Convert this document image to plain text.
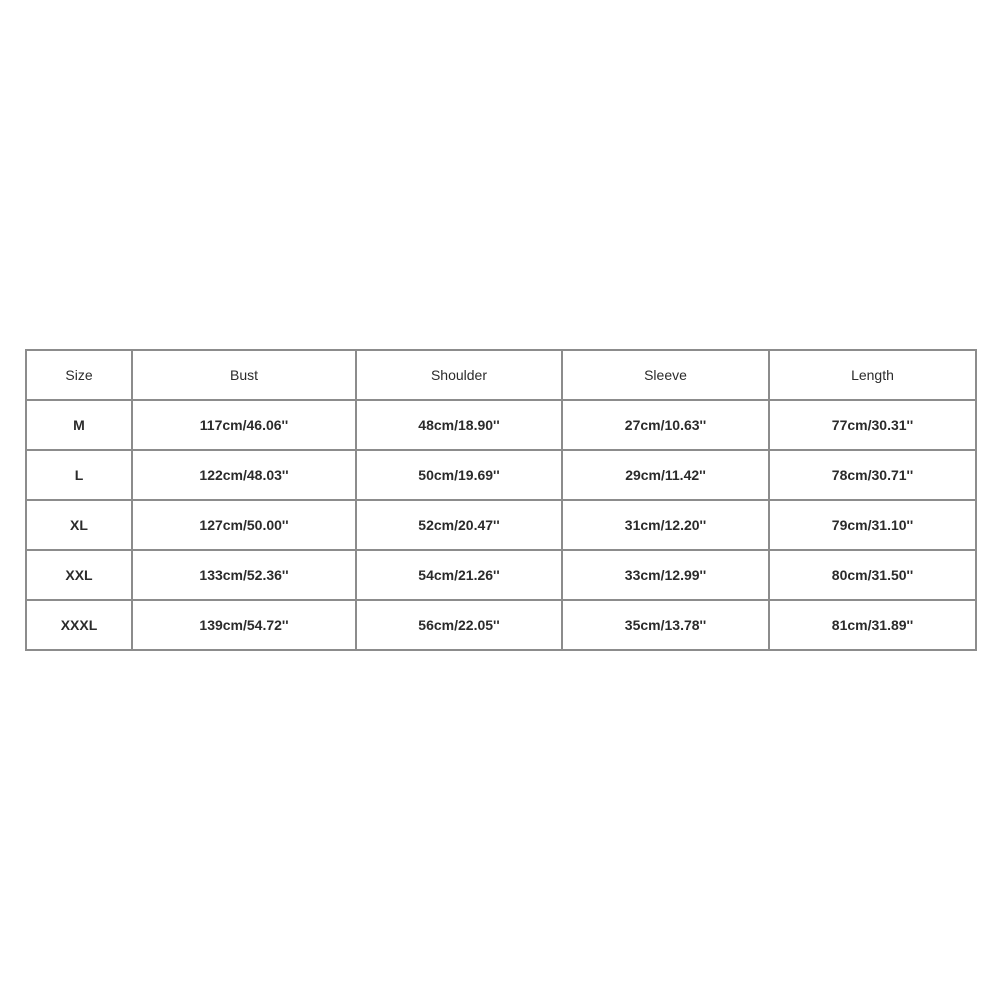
Size	Bust	Shoulder	Sleeve	Length
M	117cm/46.06''	48cm/18.90''	27cm/10.63''	77cm/30.31''
L	122cm/48.03''	50cm/19.69''	29cm/11.42''	78cm/30.71''
XL	127cm/50.00''	52cm/20.47''	31cm/12.20''	79cm/31.10''
XXL	133cm/52.36''	54cm/21.26''	33cm/12.99''	80cm/31.50''
XXXL	139cm/54.72''	56cm/22.05''	35cm/13.78''	81cm/31.89''
